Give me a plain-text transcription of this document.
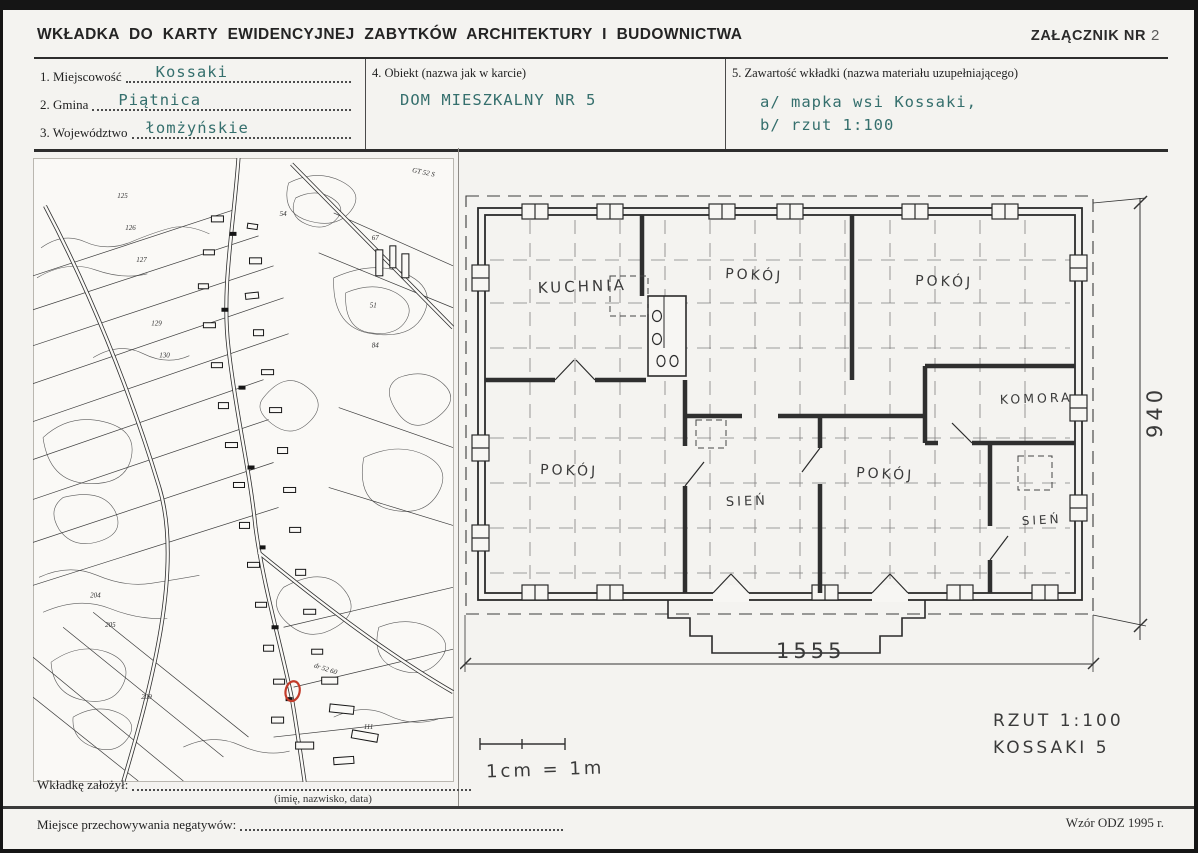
WKŁADKA DO KARTY EWIDENCYJNEJ ZABYTKÓW ARCHITEKTURY I BUDOWNICTWA	ZAŁĄCZNIK NR 2
1. Miejscowość Kossaki
2. Gmina Piątnica
3. Województwo łomżyńskie
4. Obiekt (nazwa jak w karcie)
DOM MIESZKALNY NR 5
5. Zawartość wkładki (nazwa materiału uzupełniającego)
a/ mapka wsi Kossaki,
b/ rzut 1:100
125
126
127
129
130
204
205
209
54
67
51
84
111
dr 52 60
GT 52 S
KUCHNIA
POKÓJ	POKÓJ
KOMORA
POKÓJ
SIEŃ
POKÓJ
SIEŃ
1555
940
1cm = 1m
RZUT 1:100
KOSSAKI 5
Wkładkę założył:
(imię, nazwisko, data)
Miejsce przechowywania negatywów:	Wzór ODZ 1995 r.
